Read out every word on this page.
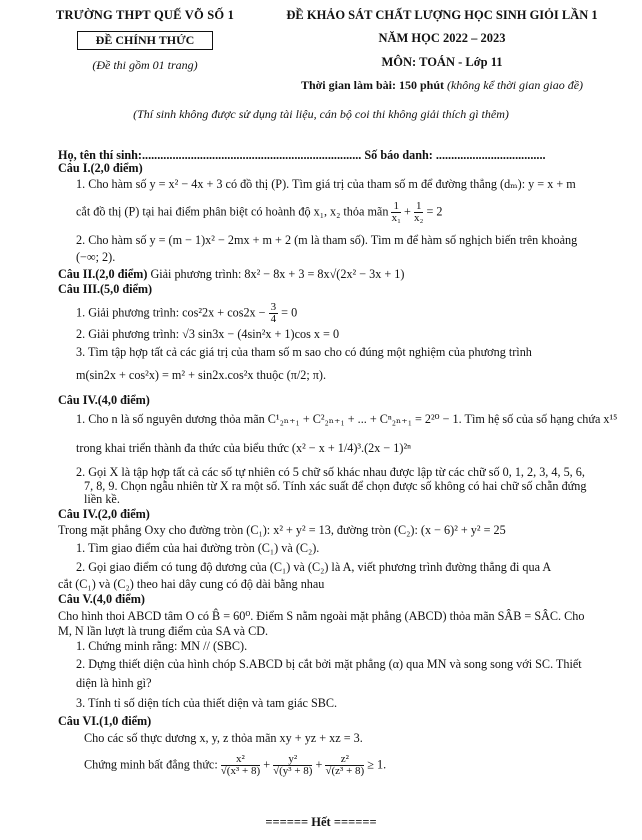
TRƯỜNG THPT QUẾ VÕ SỐ 1
ĐỀ CHÍNH THỨC
(Đề thi gồm 01 trang)
ĐỀ KHẢO SÁT CHẤT LƯỢNG HỌC SINH GIỎI LẦN 1
NĂM HỌC 2022 – 2023
MÔN: TOÁN - Lớp 11
Thời gian làm bài: 150 phút (không kể thời gian giao đề)
(Thí sinh không được sử dụng tài liệu, cán bộ coi thi không giải thích gì thêm)
Họ, tên thí sinh:........................................................................ Số báo danh: ....................................
Câu I.(2,0 điểm)
1. Cho hàm số y = x² − 4x + 3 có đồ thị (P). Tìm giá trị của tham số m để đường thẳng (dₘ): y = x + m
cắt đồ thị (P) tại hai điểm phân biệt có hoành độ x₁, x₂ thỏa mãn $\frac{1}{\text{x₁}} + \frac{1}{\text{x₂}} = 2$
2. Cho hàm số y = (m − 1)x² − 2mx + m + 2 (m là tham số). Tìm m để hàm số nghịch biến trên khoảng
(−∞; 2).
Câu II.(2,0 điểm) Giải phương trình: 8x² − 8x + 3 = 8x√(2x² − 3x + 1)
Câu III.(5,0 điểm)
1. Giải phương trình: $\cos^22x + \cos 2x - \frac{3}{4} = 0$
2. Giải phương trình: √3 sin3x − (4sin²x + 1)cos x = 0
3. Tìm tập hợp tất cả các giá trị của tham số m sao cho có đúng một nghiệm của phương trình
m(sin2x + cos²x) = m² + sin2x.cos²x thuộc (π/2; π).
Câu IV.(4,0 điểm)
1. Cho n là số nguyên dương thỏa mãn C¹₂ₙ₊₁ + C²₂ₙ₊₁ + ... + Cⁿ₂ₙ₊₁ = 2²⁰ − 1. Tìm hệ số của số hạng chứa x¹⁵
trong khai triển thành đa thức của biểu thức (x² − x + 1/4)³.(2x − 1)²ⁿ
2. Gọi X là tập hợp tất cả các số tự nhiên có 5 chữ số khác nhau được lập từ các chữ số 0, 1, 2, 3, 4, 5, 6,
7, 8, 9. Chọn ngẫu nhiên từ X ra một số. Tính xác suất để chọn được số không có hai chữ số chẵn đứng
liền kề.
Câu IV.(2,0 điểm)
Trong mặt phẳng Oxy cho đường tròn (C₁): x² + y² = 13, đường tròn (C₂): (x − 6)² + y² = 25
1. Tìm giao điểm của hai đường tròn (C₁) và (C₂).
2. Gọi giao điểm có tung độ dương của (C₁) và (C₂) là A, viết phương trình đường thẳng đi qua A
cắt (C₁) và (C₂) theo hai dây cung có độ dài bằng nhau
Câu V.(4,0 điểm)
Cho hình thoi ABCD tâm O có B̂ = 60⁰. Điểm S nằm ngoài mặt phẳng (ABCD) thỏa mãn SÂB = SÂC. Cho
M, N lần lượt là trung điểm của SA và CD.
1. Chứng minh rằng: MN // (SBC).
2. Dựng thiết diện của hình chóp S.ABCD bị cắt bởi mặt phẳng (α) qua MN và song song với SC. Thiết
diện là hình gì?
3. Tính tỉ số diện tích của thiết diện và tam giác SBC.
Câu VI.(1,0 điểm)
Cho các số thực dương x, y, z thỏa mãn xy + yz + xz = 3.
Chứng minh bất đẳng thức: $\frac{\text{x²}}{\text{√(x³ + 8)}} + \frac{\text{y²}}{\text{√(y³ + 8)}} + \frac{\text{z²}}{\text{√(z³ + 8)}} \ge 1$.
====== Hết ======
